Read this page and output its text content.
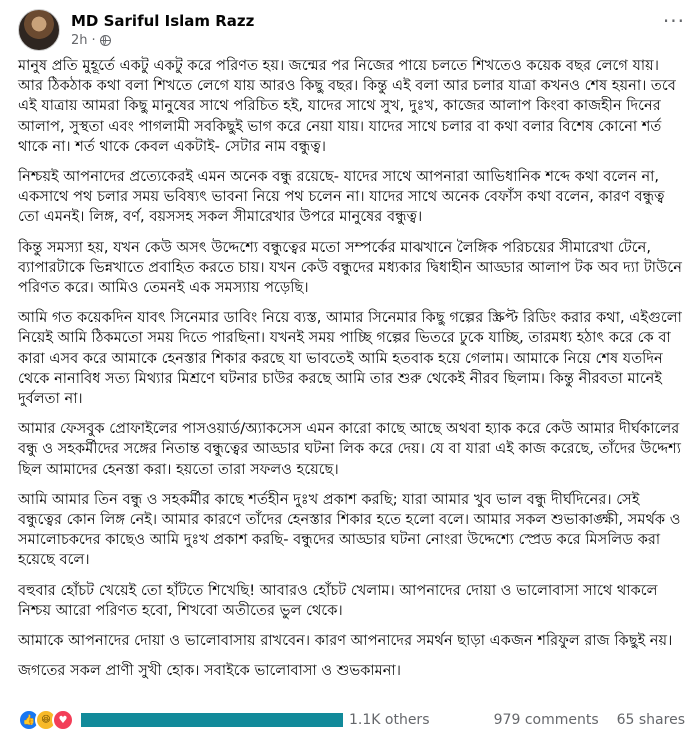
MD Sariful Islam Razz
2h ·
···

মানুষ প্রতি মুহূর্তে একটু একটু করে পরিণত হয়। জন্মের পর নিজের পায়ে চলতে শিখতেও কয়েক বছর লেগে যায়। আর ঠিকঠাক কথা বলা শিখতে লেগে যায় আরও কিছু বছর। কিন্তু এই বলা আর চলার যাত্রা কখনও শেষ হয়না। তবে এই যাত্রায় আমরা কিছু মানুষের সাথে পরিচিত হই, যাদের সাথে সুখ, দুঃখ, কাজের আলাপ কিংবা কাজহীন দিনের আলাপ, সুস্থতা এবং পাগলামী সবকিছুই ভাগ করে নেয়া যায়। যাদের সাথে চলার বা কথা বলার বিশেষ কোনো শর্ত থাকে না। শর্ত থাকে কেবল একটাই- সেটার নাম বন্ধুত্ব।

নিশ্চয়ই আপনাদের প্রত্যেকেরই এমন অনেক বন্ধু রয়েছে- যাদের সাথে আপনারা আভিধানিক শব্দে কথা বলেন না, একসাথে পথ চলার সময় ভবিষ্যৎ ভাবনা নিয়ে পথ চলেন না। যাদের সাথে অনেক বেফাঁস কথা বলেন, কারণ বন্ধুত্ব তো এমনই। লিঙ্গ, বর্ণ, বয়সসহ সকল সীমারেখার উপরে মানুষের বন্ধুত্ব।

কিন্তু সমস্যা হয়, যখন কেউ অসৎ উদ্দেশ্যে বন্ধুত্বের মতো সম্পর্কের মাঝখানে লৈঙ্গিক পরিচয়ের সীমারেখা টেনে, ব্যাপারটাকে ভিন্নখাতে প্রবাহিত করতে চায়। যখন কেউ বন্ধুদের মধ্যকার দ্বিধাহীন আড্ডার আলাপ টক অব দ্যা টাউনে পরিণত করে। আমিও তেমনই এক সমস্যায় পড়েছি।

আমি গত কয়েকদিন যাবৎ সিনেমার ডাবিং নিয়ে ব্যস্ত, আমার সিনেমার কিছু গল্পের স্ক্রিপ্ট রিডিং করার কথা, এইগুলো নিয়েই আমি ঠিকমতো সময় দিতে পারছিনা। যখনই সময় পাচ্ছি গল্পের ভিতরে ঢুকে যাচ্ছি, তারমধ্য হঠাৎ করে কে বা কারা এসব করে আমাকে হেনস্তার শিকার করছে যা ভাবতেই আমি হতবাক হয়ে গেলাম। আমাকে নিয়ে শেষ যতদিন থেকে নানাবিধ সত্য মিথ্যার মিশ্রণে ঘটনার চাউর করছে আমি তার শুরু থেকেই নীরব ছিলাম। কিন্তু নীরবতা মানেই দুর্বলতা না।

আমার ফেসবুক প্রোফাইলের পাসওয়ার্ড/অ্যাকসেস এমন কারো কাছে আছে অথবা হ্যাক করে কেউ আমার দীর্ঘকালের বন্ধু ও সহকর্মীদের সঙ্গের নিতান্ত বন্ধুত্বের আড্ডার ঘটনা লিক করে দেয়। যে বা যারা এই কাজ করেছে, তাঁদের উদ্দেশ্য ছিল আমাদের হেনস্তা করা। হয়তো তারা সফলও হয়েছে।

আমি আমার তিন বন্ধু ও সহকর্মীর কাছে শর্তহীন দুঃখ প্রকাশ করছি; যারা আমার খুব ভাল বন্ধু দীর্ঘদিনের। সেই বন্ধুত্বের কোন লিঙ্গ নেই। আমার কারণে তাঁদের হেনস্তার শিকার হতে হলো বলে। আমার সকল শুভাকাঙ্ক্ষী, সমর্থক ও সমালোচকদের কাছেও আমি দুঃখ প্রকাশ করছি- বন্ধুদের আড্ডার ঘটনা নোংরা উদ্দেশ্যে স্প্রেড করে মিসলিড করা হয়েছে বলে।

বহুবার হোঁচট খেয়েই তো হাঁটতে শিখেছি! আবারও হোঁচট খেলাম। আপনাদের দোয়া ও ভালোবাসা সাথে থাকলে নিশ্চয় আরো পরিণত হবো, শিখবো অতীতের ভুল থেকে।

আমাকে আপনাদের দোয়া ও ভালোবাসায় রাখবেন। কারণ আপনাদের সমর্থন ছাড়া একজন শরিফুল রাজ কিছুই নয়।

জগতের সকল প্রাণী সুখী হোক। সবাইকে ভালোবাসা ও শুভকামনা।

👍 😆 ♥	1.1K others	979 comments 65 shares
